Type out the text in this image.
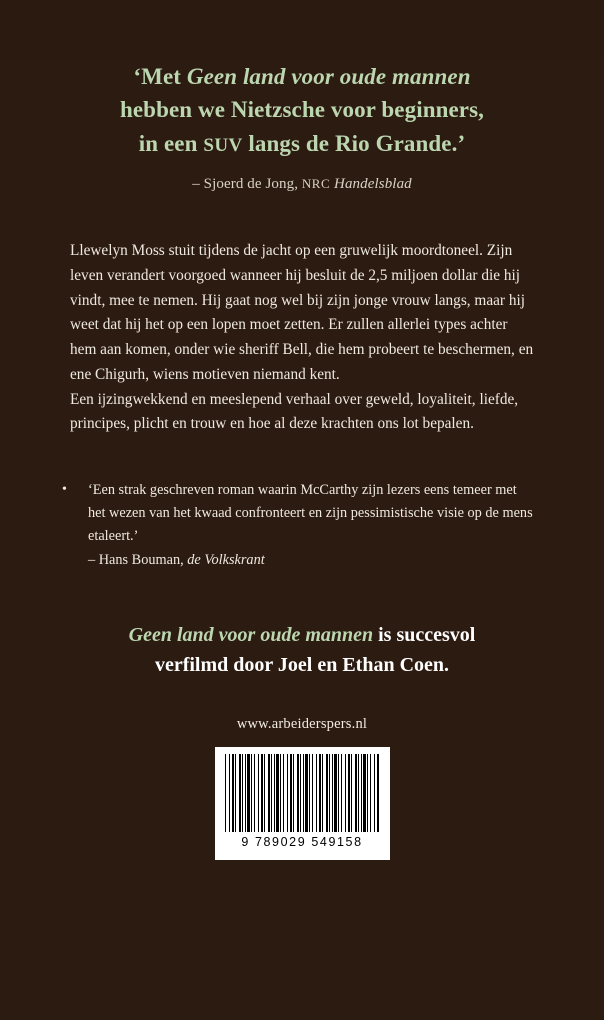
‘Met Geen land voor oude mannen
hebben we Nietzsche voor beginners,
in een SUV langs de Rio Grande.’
– Sjoerd de Jong, NRC Handelsblad

Llewelyn Moss stuit tijdens de jacht op een gruwelijk moordtoneel. Zijn leven verandert voorgoed wanneer hij besluit de 2,5 miljoen dollar die hij vindt, mee te nemen. Hij gaat nog wel bij zijn jonge vrouw langs, maar hij weet dat hij het op een lopen moet zetten. Er zullen allerlei types achter hem aan komen, onder wie sheriff Bell, die hem probeert te beschermen, en ene Chigurh, wiens motieven niemand kent.

Een ijzingwekkend en meeslepend verhaal over geweld, loyaliteit, liefde, principes, plicht en trouw en hoe al deze krachten ons lot bepalen.

•	‘Een strak geschreven roman waarin McCarthy zijn lezers eens temeer met het wezen van het kwaad confronteert en zijn pessimistische visie op de mens etaleert.’
– Hans Bouman, de Volkskrant
Geen land voor oude mannen is succesvol
verfilmd door Joel en Ethan Coen.
www.arbeiderspers.nl
9 789029 549158
